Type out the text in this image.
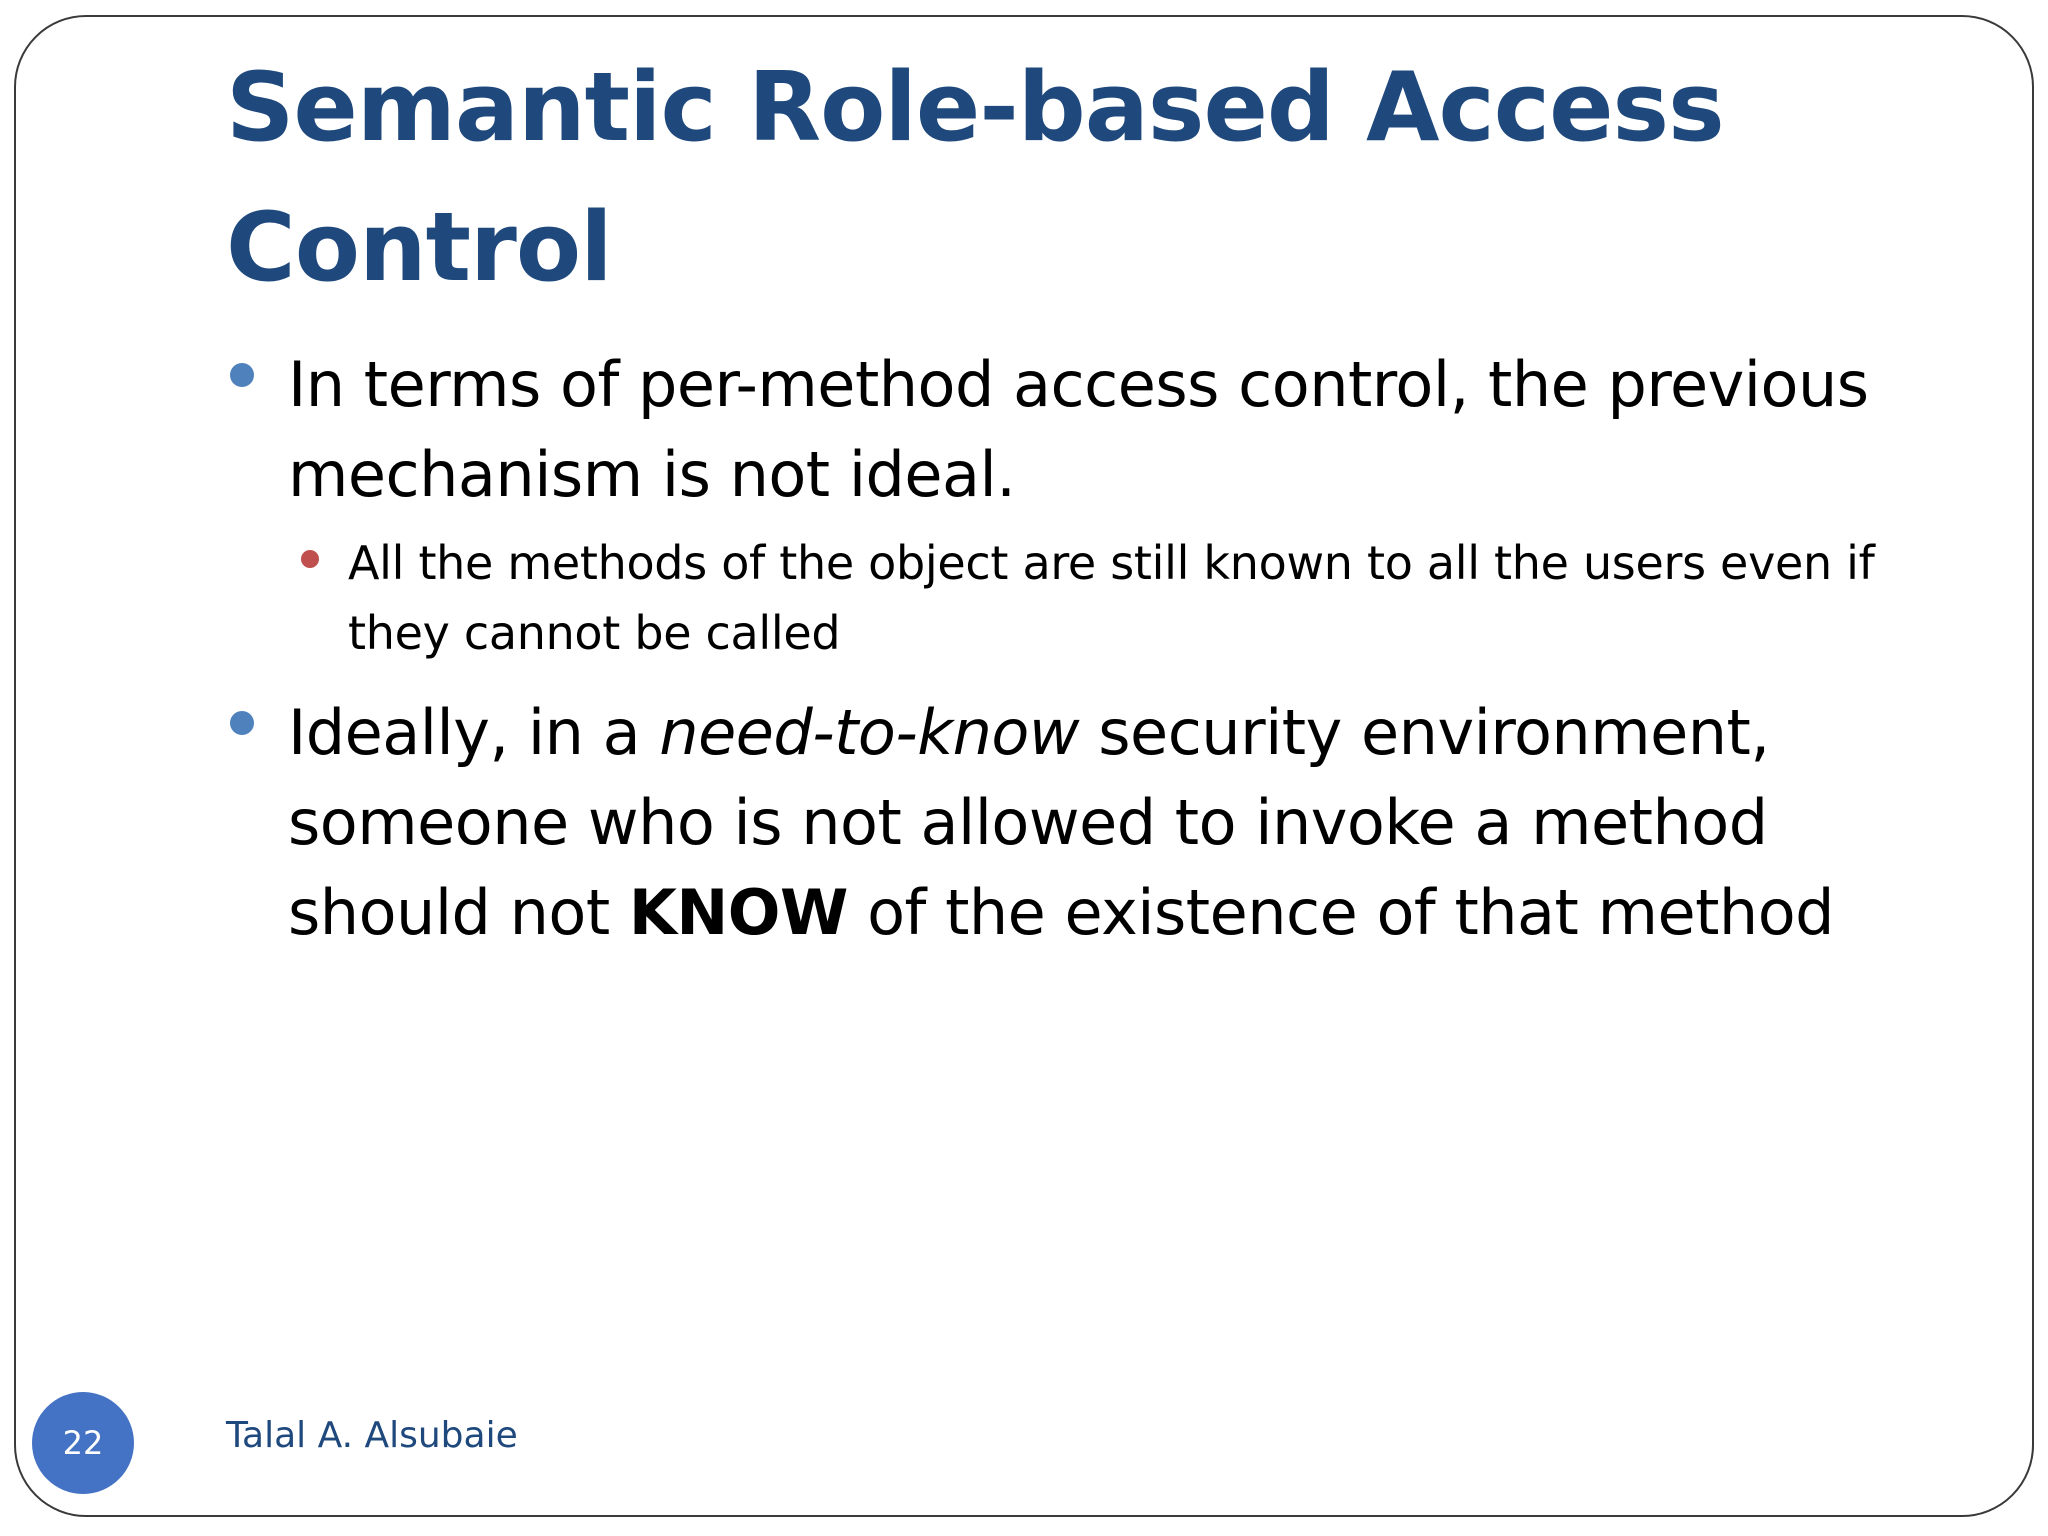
Semantic Role-based Access Control
In terms of per-method access control, the previous mechanism is not ideal.
All the methods of the object are still known to all the users even if they cannot be called
Ideally, in a need-to-know security environment, someone who is not allowed to invoke a method should not KNOW of the existence of that method
22	Talal A. Alsubaie
